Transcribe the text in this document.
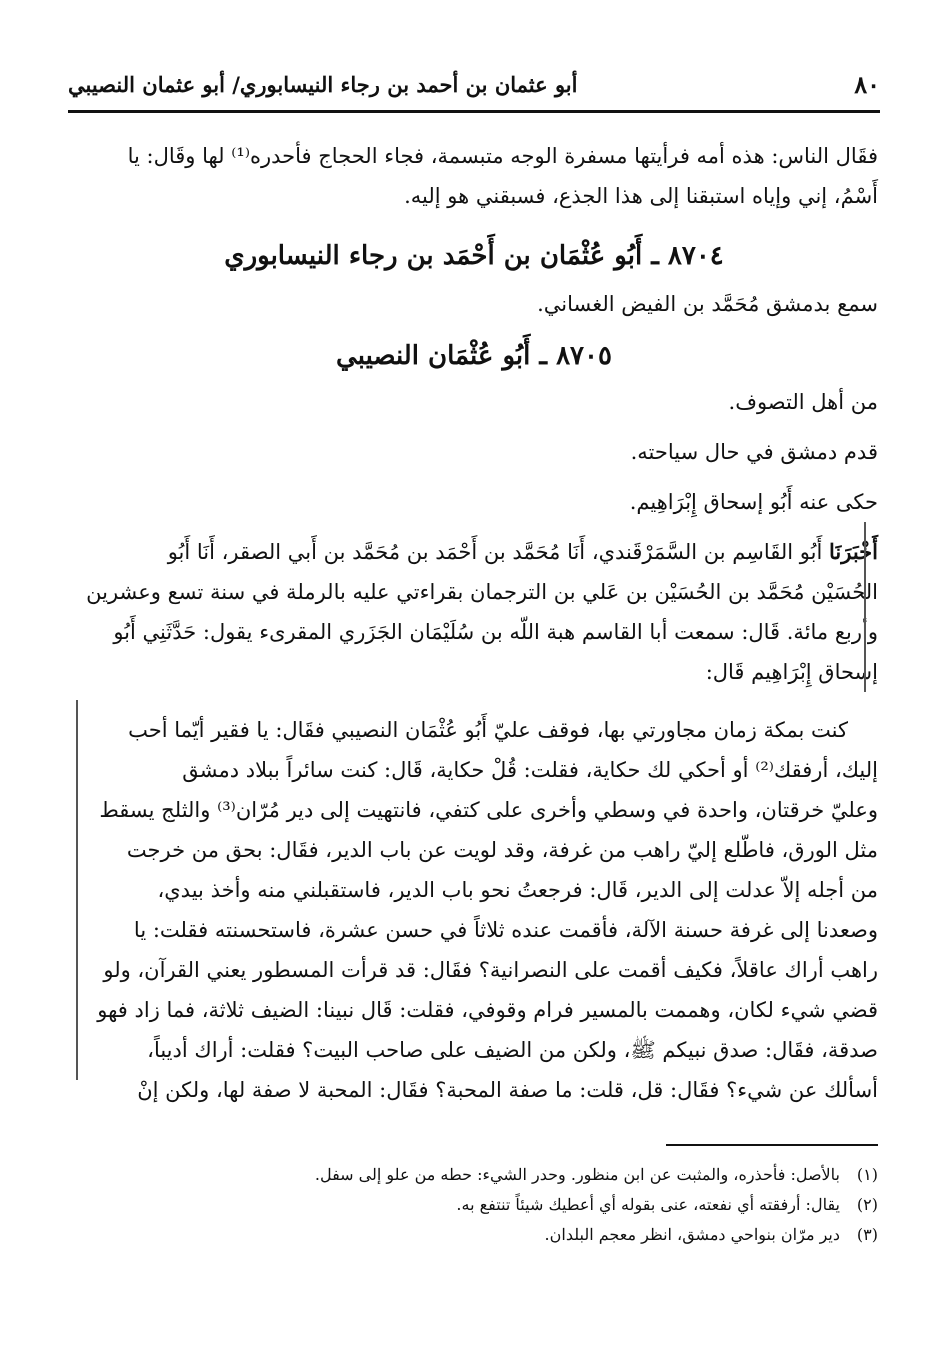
٨٠
أبو عثمان بن أحمد بن رجاء النيسابوري/ أبو عثمان النصيبي
فقَال الناس: هذه أمه فرأيتها مسفرة الوجه متبسمة، فجاء الحجاج فأحدره⁽¹⁾ لها وقَال: يا
أَسْمُ، إني وإياه استبقنا إلى هذا الجذع، فسبقني هو إليه.
٨٧٠٤ ـ أَبُو عُثْمَان بن أَحْمَد بن رجاء النيسابوري

سمع بدمشق مُحَمَّد بن الفيض الغساني.

٨٧٠٥ ـ أَبُو عُثْمَان النصيبي

من أهل التصوف.

قدم دمشق في حال سياحته.

حكى عنه أَبُو إسحاق إِبْرَاهِيم.

أَخْبَرَنَا أَبُو القَاسِم بن السَّمَرْقَندي، أَنَا مُحَمَّد بن أَحْمَد بن مُحَمَّد بن أَبي الصقر، أَنَا أَبُو
الحُسَيْن مُحَمَّد بن الحُسَيْن بن عَلي بن الترجمان بقراءتي عليه بالرملة في سنة تسع وعشرين
وأربع مائة. قَال: سمعت أبا القاسم هبة اللّه بن سُلَيْمَان الجَزَري المقرىء يقول: حَدَّثَنِي أَبُو
إسحاق إِبْرَاهِيم قَال:
كنت بمكة زمان مجاورتي بها، فوقف عليّ أَبُو عُثْمَان النصيبي فقَال: يا فقير أيّما أحب
إليك، أرفقك⁽²⁾ أو أحكي لك حكاية، فقلت: قُلْ حكاية، قَال: كنت سائراً ببلاد دمشق
وعليّ خرقتان، واحدة في وسطي وأخرى على كتفي، فانتهيت إلى دير مُرّان⁽³⁾ والثلج يسقط
مثل الورق، فاطّلع إليّ راهب من غرفة، وقد لويت عن باب الدير، فقَال: بحق من خرجت
من أجله إلاّ عدلت إلى الدير، قَال: فرجعتُ نحو باب الدير، فاستقبلني منه وأخذ بيدي،
وصعدنا إلى غرفة حسنة الآلة، فأقمت عنده ثلاثاً في حسن عشرة، فاستحسنته فقلت: يا
راهب أراك عاقلاً، فكيف أقمت على النصرانية؟ فقَال: قد قرأت المسطور يعني القرآن، ولو
قضي شيء لكان، وهممت بالمسير فرام وقوفي، فقلت: قَال نبينا: الضيف ثلاثة، فما زاد فهو
صدقة، فقَال: صدق نبيكم ﷺ، ولكن من الضيف على صاحب البيت؟ فقلت: أراك أديباً،
أسألك عن شيء؟ فقَال: قل، قلت: ما صفة المحبة؟ فقَال: المحبة لا صفة لها، ولكن إنْ
(١)
بالأصل: فأحذره، والمثبت عن ابن منظور. وحدر الشيء: حطه من علو إلى سفل.
(٢)
يقال: أرفقته أي نفعته، عنى بقوله أي أعطيك شيئاً تنتفع به.
(٣)
دير مرّان بنواحي دمشق، انظر معجم البلدان.
